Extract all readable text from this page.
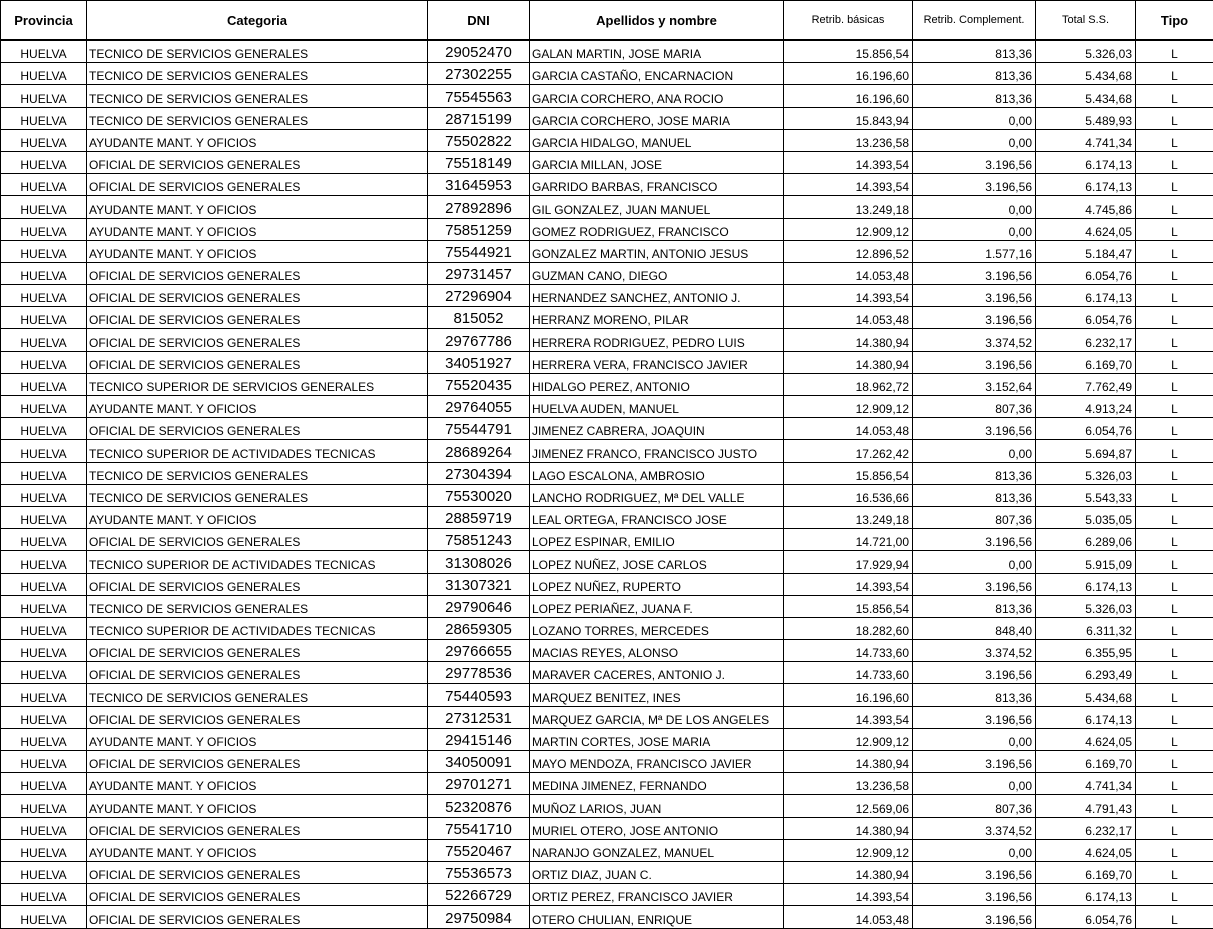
Provincia	Categoria	DNI	Apellidos y nombre	Retrib. básicas	Retrib. Complement.	Total S.S.	Tipo
HUELVA	TECNICO DE SERVICIOS GENERALES	29052470	GALAN MARTIN, JOSE MARIA	15.856,54	813,36	5.326,03	L
HUELVA	TECNICO DE SERVICIOS GENERALES	27302255	GARCIA CASTAÑO, ENCARNACION	16.196,60	813,36	5.434,68	L
HUELVA	TECNICO DE SERVICIOS GENERALES	75545563	GARCIA CORCHERO, ANA ROCIO	16.196,60	813,36	5.434,68	L
HUELVA	TECNICO DE SERVICIOS GENERALES	28715199	GARCIA CORCHERO, JOSE MARIA	15.843,94	0,00	5.489,93	L
HUELVA	AYUDANTE MANT. Y OFICIOS	75502822	GARCIA HIDALGO, MANUEL	13.236,58	0,00	4.741,34	L
HUELVA	OFICIAL DE SERVICIOS GENERALES	75518149	GARCIA MILLAN, JOSE	14.393,54	3.196,56	6.174,13	L
HUELVA	OFICIAL DE SERVICIOS GENERALES	31645953	GARRIDO BARBAS, FRANCISCO	14.393,54	3.196,56	6.174,13	L
HUELVA	AYUDANTE MANT. Y OFICIOS	27892896	GIL GONZALEZ, JUAN MANUEL	13.249,18	0,00	4.745,86	L
HUELVA	AYUDANTE MANT. Y OFICIOS	75851259	GOMEZ RODRIGUEZ, FRANCISCO	12.909,12	0,00	4.624,05	L
HUELVA	AYUDANTE MANT. Y OFICIOS	75544921	GONZALEZ MARTIN, ANTONIO JESUS	12.896,52	1.577,16	5.184,47	L
HUELVA	OFICIAL DE SERVICIOS GENERALES	29731457	GUZMAN CANO, DIEGO	14.053,48	3.196,56	6.054,76	L
HUELVA	OFICIAL DE SERVICIOS GENERALES	27296904	HERNANDEZ SANCHEZ, ANTONIO J.	14.393,54	3.196,56	6.174,13	L
HUELVA	OFICIAL DE SERVICIOS GENERALES	815052	HERRANZ MORENO, PILAR	14.053,48	3.196,56	6.054,76	L
HUELVA	OFICIAL DE SERVICIOS GENERALES	29767786	HERRERA RODRIGUEZ, PEDRO LUIS	14.380,94	3.374,52	6.232,17	L
HUELVA	OFICIAL DE SERVICIOS GENERALES	34051927	HERRERA VERA, FRANCISCO JAVIER	14.380,94	3.196,56	6.169,70	L
HUELVA	TECNICO SUPERIOR DE SERVICIOS GENERALES	75520435	HIDALGO PEREZ, ANTONIO	18.962,72	3.152,64	7.762,49	L
HUELVA	AYUDANTE MANT. Y OFICIOS	29764055	HUELVA AUDEN, MANUEL	12.909,12	807,36	4.913,24	L
HUELVA	OFICIAL DE SERVICIOS GENERALES	75544791	JIMENEZ CABRERA, JOAQUIN	14.053,48	3.196,56	6.054,76	L
HUELVA	TECNICO SUPERIOR DE ACTIVIDADES TECNICAS	28689264	JIMENEZ FRANCO, FRANCISCO JUSTO	17.262,42	0,00	5.694,87	L
HUELVA	TECNICO DE SERVICIOS GENERALES	27304394	LAGO ESCALONA, AMBROSIO	15.856,54	813,36	5.326,03	L
HUELVA	TECNICO DE SERVICIOS GENERALES	75530020	LANCHO RODRIGUEZ, Mª DEL VALLE	16.536,66	813,36	5.543,33	L
HUELVA	AYUDANTE MANT. Y OFICIOS	28859719	LEAL ORTEGA, FRANCISCO JOSE	13.249,18	807,36	5.035,05	L
HUELVA	OFICIAL DE SERVICIOS GENERALES	75851243	LOPEZ ESPINAR, EMILIO	14.721,00	3.196,56	6.289,06	L
HUELVA	TECNICO SUPERIOR DE ACTIVIDADES TECNICAS	31308026	LOPEZ NUÑEZ, JOSE CARLOS	17.929,94	0,00	5.915,09	L
HUELVA	OFICIAL DE SERVICIOS GENERALES	31307321	LOPEZ NUÑEZ, RUPERTO	14.393,54	3.196,56	6.174,13	L
HUELVA	TECNICO DE SERVICIOS GENERALES	29790646	LOPEZ PERIAÑEZ, JUANA F.	15.856,54	813,36	5.326,03	L
HUELVA	TECNICO SUPERIOR DE ACTIVIDADES TECNICAS	28659305	LOZANO TORRES, MERCEDES	18.282,60	848,40	6.311,32	L
HUELVA	OFICIAL DE SERVICIOS GENERALES	29766655	MACIAS REYES, ALONSO	14.733,60	3.374,52	6.355,95	L
HUELVA	OFICIAL DE SERVICIOS GENERALES	29778536	MARAVER CACERES, ANTONIO J.	14.733,60	3.196,56	6.293,49	L
HUELVA	TECNICO DE SERVICIOS GENERALES	75440593	MARQUEZ BENITEZ, INES	16.196,60	813,36	5.434,68	L
HUELVA	OFICIAL DE SERVICIOS GENERALES	27312531	MARQUEZ GARCIA, Mª DE LOS ANGELES	14.393,54	3.196,56	6.174,13	L
HUELVA	AYUDANTE MANT. Y OFICIOS	29415146	MARTIN CORTES, JOSE MARIA	12.909,12	0,00	4.624,05	L
HUELVA	OFICIAL DE SERVICIOS GENERALES	34050091	MAYO MENDOZA, FRANCISCO JAVIER	14.380,94	3.196,56	6.169,70	L
HUELVA	AYUDANTE MANT. Y OFICIOS	29701271	MEDINA JIMENEZ, FERNANDO	13.236,58	0,00	4.741,34	L
HUELVA	AYUDANTE MANT. Y OFICIOS	52320876	MUÑOZ LARIOS, JUAN	12.569,06	807,36	4.791,43	L
HUELVA	OFICIAL DE SERVICIOS GENERALES	75541710	MURIEL OTERO, JOSE ANTONIO	14.380,94	3.374,52	6.232,17	L
HUELVA	AYUDANTE MANT. Y OFICIOS	75520467	NARANJO GONZALEZ, MANUEL	12.909,12	0,00	4.624,05	L
HUELVA	OFICIAL DE SERVICIOS GENERALES	75536573	ORTIZ DIAZ, JUAN C.	14.380,94	3.196,56	6.169,70	L
HUELVA	OFICIAL DE SERVICIOS GENERALES	52266729	ORTIZ PEREZ, FRANCISCO JAVIER	14.393,54	3.196,56	6.174,13	L
HUELVA	OFICIAL DE SERVICIOS GENERALES	29750984	OTERO CHULIAN, ENRIQUE	14.053,48	3.196,56	6.054,76	L
